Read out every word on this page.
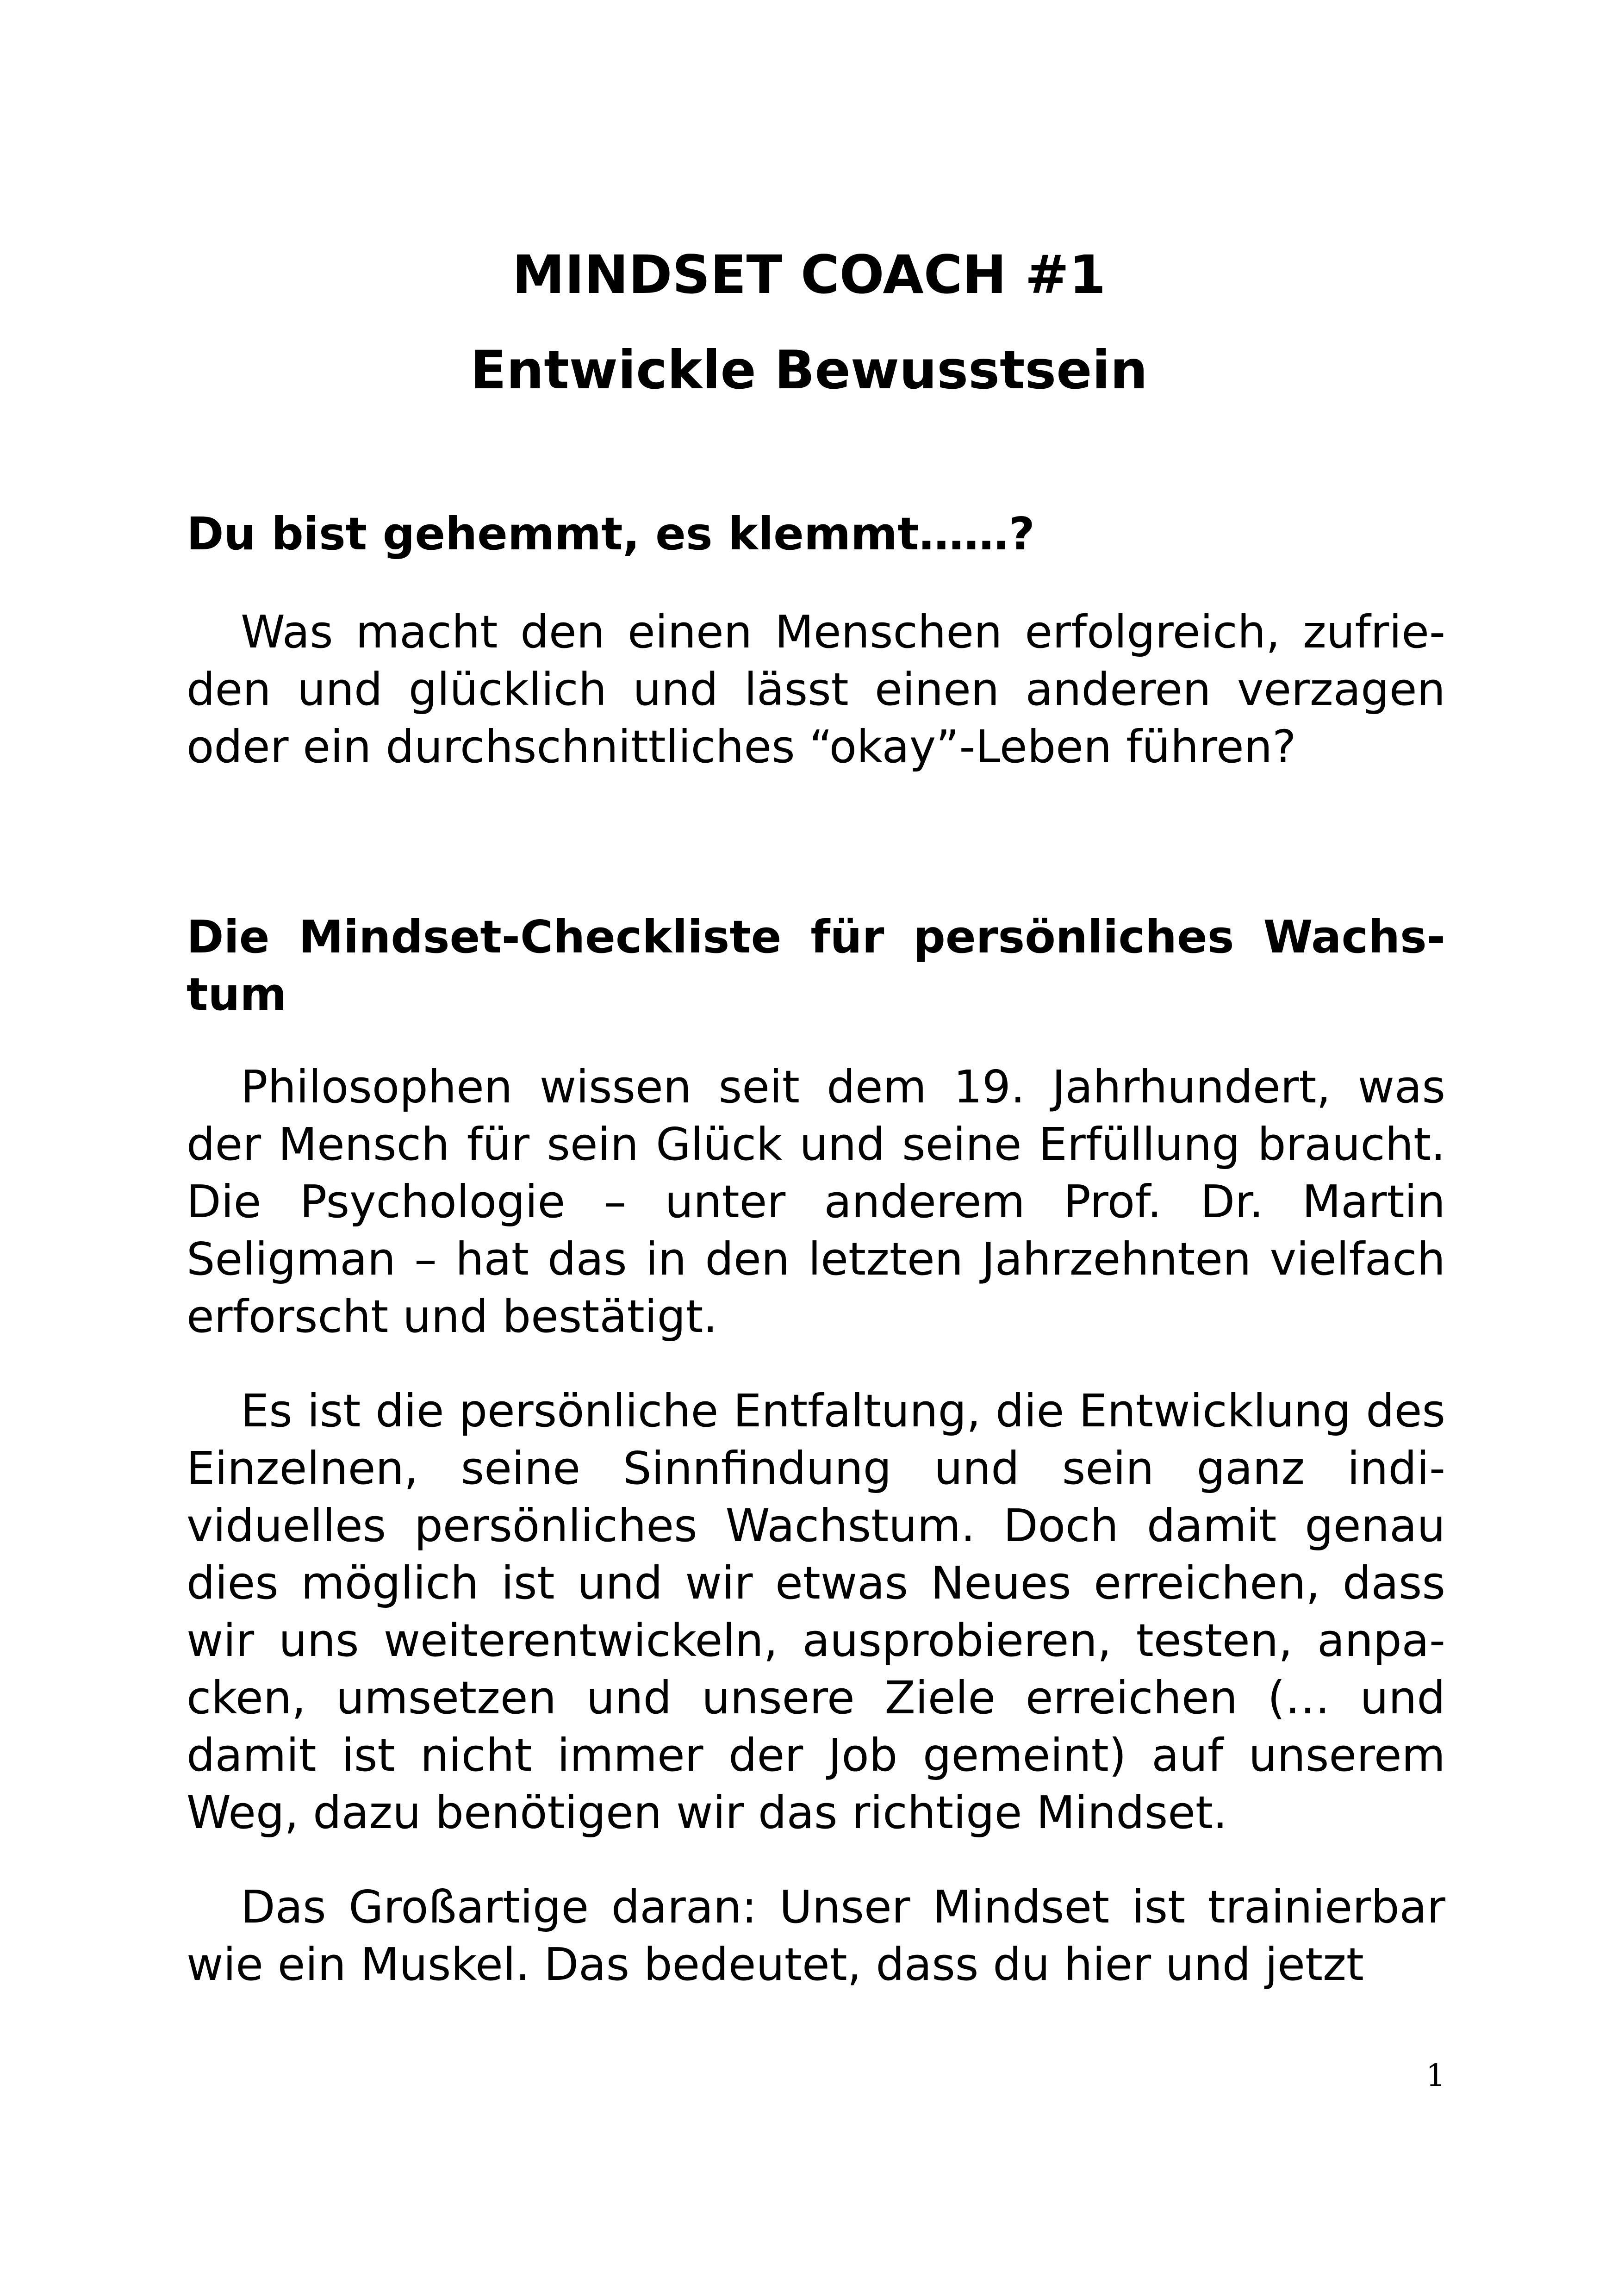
MINDSET COACH #1
Entwickle Bewusstsein
Du bist gehemmt, es klemmt……?

Was macht den einen Menschen erfolgreich, zufrieden und glücklich und lässt einen anderen verzagen oder ein durchschnittliches “okay”-Leben führen?

Die Mindset-Checkliste für persönliches Wachstum

Philosophen wissen seit dem 19. Jahrhundert, was der Mensch für sein Glück und seine Erfüllung braucht. Die Psychologie – unter anderem Prof. Dr. Martin Seligman – hat das in den letzten Jahrzehnten vielfach erforscht und bestätigt.

Es ist die persönliche Entfaltung, die Entwicklung des Einzelnen, seine Sinnfindung und sein ganz individuelles persönliches Wachstum. Doch damit genau dies möglich ist und wir etwas Neues erreichen, dass wir uns weiterentwickeln, ausprobieren, testen, anpacken, umsetzen und unsere Ziele erreichen (… und damit ist nicht immer der Job gemeint) auf unserem Weg, dazu benötigen wir das richtige Mindset.

Das Großartige daran: Unser Mindset ist trainierbar wie ein Muskel. Das bedeutet, dass du hier und jetzt

1
